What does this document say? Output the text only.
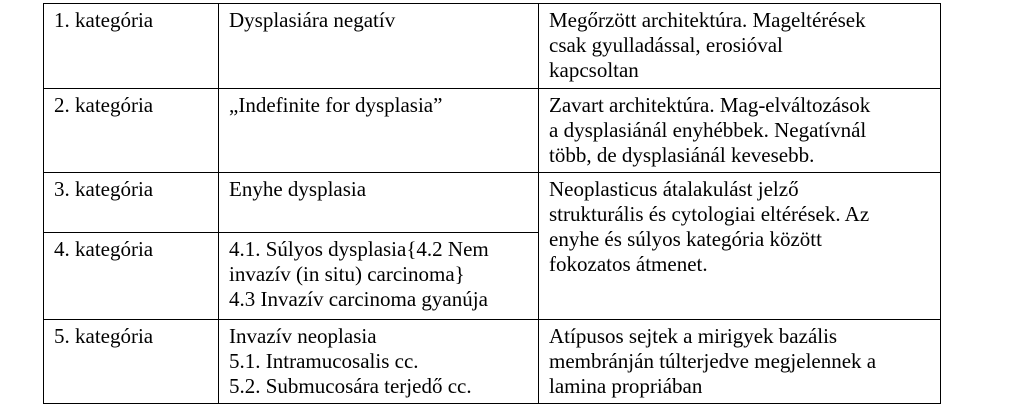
1. kategória	Dysplasiára negatív	Megőrzött architektúra. Mageltérések
csak gyulladással, erosióval
kapcsoltan

2. kategória	„Indefinite for dysplasia”	Zavart architektúra. Mag-elváltozások
a dysplasiánál enyhébbek. Negatívnál
több, de dysplasiánál kevesebb.

3. kategória	Enyhe dysplasia	Neoplasticus átalakulást jelző
strukturális és cytologiai eltérések. Az
enyhe és súlyos kategória között
fokozatos átmenet.

4. kategória	4.1. Súlyos dysplasia{4.2 Nem
invazív (in situ) carcinoma}
4.3 Invazív carcinoma gyanúja	

5. kategória	Invazív neoplasia
5.1. Intramucosalis cc.
5.2. Submucosára terjedő cc.	Atípusos sejtek a mirigyek bazális
membránján túlterjedve megjelennek a
lamina propriában
